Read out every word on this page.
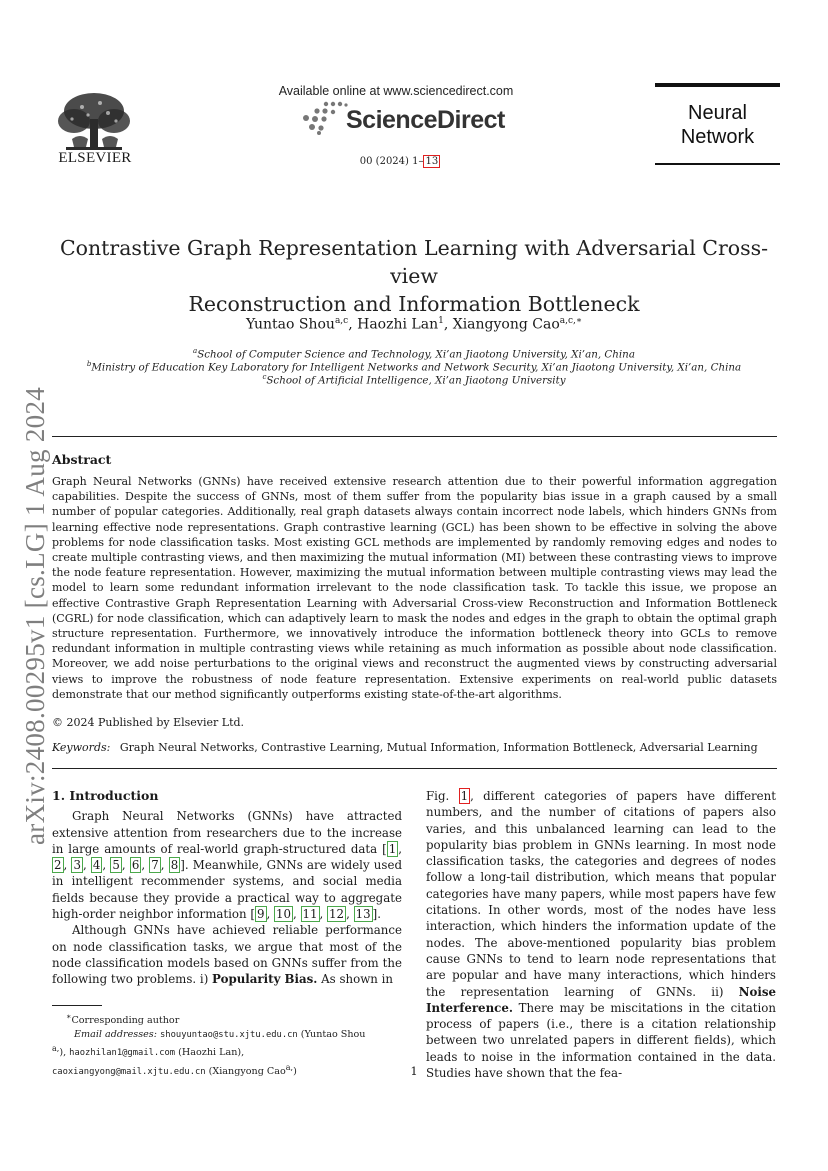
ELSEVIER
Available online at www.sciencedirect.com
ScienceDirect
00 (2024) 1– 13
Neural
Network
arXiv:2408.00295v1 [cs.LG] 1 Aug 2024
Contrastive Graph Representation Learning with Adversarial Cross-view
Reconstruction and Information Bottleneck
Yuntao Shou$^{a,c}$, Haozhi Lan$^1$, Xiangyong Cao$^{a,c,∗}$
$^a$School of Computer Science and Technology, Xi’an Jiaotong University, Xi’an, China
$^b$Ministry of Education Key Laboratory for Intelligent Networks and Network Security, Xi’an Jiaotong University, Xi’an, China
$^c$School of Artificial Intelligence, Xi’an Jiaotong University
Abstract
Graph Neural Networks (GNNs) have received extensive research attention due to their powerful information aggregation capabilities. Despite the success of GNNs, most of them suffer from the popularity bias issue in a graph caused by a small number of popular categories. Additionally, real graph datasets always contain incorrect node labels, which hinders GNNs from learning effective node representations. Graph contrastive learning (GCL) has been shown to be effective in solving the above problems for node classification tasks. Most existing GCL methods are implemented by randomly removing edges and nodes to create multiple contrasting views, and then maximizing the mutual information (MI) between these contrasting views to improve the node feature representation. However, maximizing the mutual information between multiple contrasting views may lead the model to learn some redundant information irrelevant to the node classification task. To tackle this issue, we propose an effective Contrastive Graph Representation Learning with Adversarial Cross-view Reconstruction and Information Bottleneck (CGRL) for node classification, which can adaptively learn to mask the nodes and edges in the graph to obtain the optimal graph structure representation. Furthermore, we innovatively introduce the information bottleneck theory into GCLs to remove redundant information in multiple contrasting views while retaining as much information as possible about node classification. Moreover, we add noise perturbations to the original views and reconstruct the augmented views by constructing adversarial views to improve the robustness of node feature representation. Extensive experiments on real-world public datasets demonstrate that our method significantly outperforms existing state-of-the-art algorithms.
© 2024 Published by Elsevier Ltd.
Keywords: Graph Neural Networks, Contrastive Learning, Mutual Information, Information Bottleneck, Adversarial Learning
1. Introduction

Graph Neural Networks (GNNs) have attracted extensive attention from researchers due to the increase in large amounts of real-world graph-structured data [ 1 , 2 , 3 , 4 , 5 , 6 , 7 , 8 ]. Meanwhile, GNNs are widely used in intelligent recommender systems, and social media fields because they provide a practical way to aggregate high-order neighbor information [ 9 , 10 , 11 , 12 , 13 ].

Although GNNs have achieved reliable performance on node classification tasks, we argue that most of the node classification models based on GNNs suffer from the following two problems. i) Popularity Bias. As shown in

Fig. 1 , different categories of papers have different numbers, and the number of citations of papers also varies, and this unbalanced learning can lead to the popularity bias problem in GNNs learning. In most node classification tasks, the categories and degrees of nodes follow a long-tail distribution, which means that popular categories have many papers, while most papers have few citations. In other words, most of the nodes have less interaction, which hinders the information update of the nodes. The above-mentioned popularity bias problem cause GNNs to tend to learn node representations that are popular and have many interactions, which hinders the representation learning of GNNs. ii) Noise Interference. There may be miscitations in the citation process of papers (i.e., there is a citation relationship between two unrelated papers in different fields), which leads to noise in the information contained in the data. Studies have shown that the fea-

∗Corresponding author
Email addresses: shouyuntao@stu.xjtu.edu.cn (Yuntao Shou
$^{a,}$), haozhilan1@gmail.com (Haozhi Lan),
caoxiangyong@mail.xjtu.edu.cn (Xiangyong Cao$^{a,}$)	1
